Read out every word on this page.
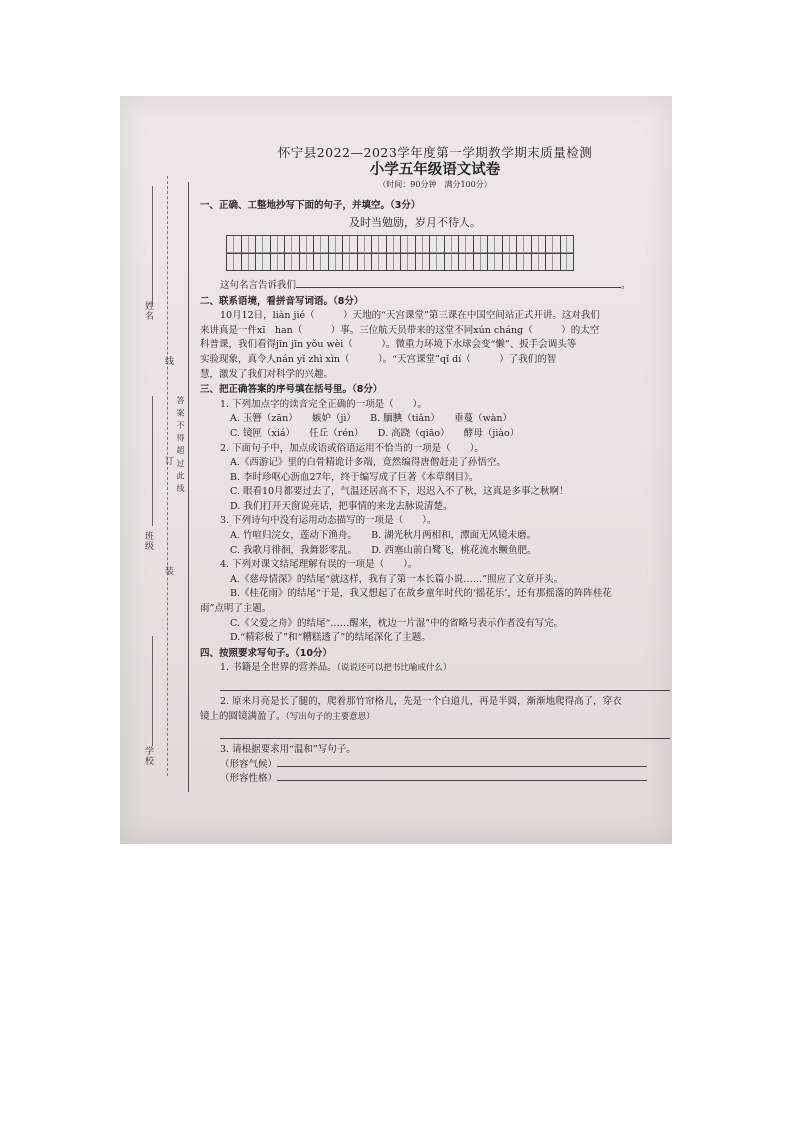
姓名
班级
学校
线
订
装
答 案 不 得 超 过 此 线

怀宁县2022—2023学年度第一学期教学期末质量检测

小学五年级语文试卷

（时间：90分钟　满分100分）

一、正确、工整地抄写下面的句子，并填空。（3分）

及时当勉励，岁月不待人。

这句名言告诉我们	。

二、联系语境，看拼音写词语。（8分）

10月12日，liàn jié（　　　）天地的“天宫课堂”第三课在中国空间站正式开讲。这对我们

来讲真是一件xī　han（　　　）事。三位航天员带来的这堂不同xún cháng（　　　）的太空

科普课，我们看得jīn jīn yǒu wèi（　　　）。微重力环境下水球会变“懒”、扳手会调头等

实验现象，真令人nán yǐ zhì xìn（　　　）。“天宫课堂”qǐ dí（　　　）了我们的智

慧，激发了我们对科学的兴趣。

三、把正确答案的序号填在括号里。（8分）

1. 下列加点字的读音完全正确的一项是（　　）。

A. 玉簪（zān）　　嫉妒（jì）　　B. 腼腆（tiǎn）　　垂蔓（wàn）

C. 镜匣（xiá）　　任丘（rén）　　D. 高跷（qiāo）　　酵母（jiào）

2. 下面句子中，加点成语或俗语运用不恰当的一项是（　　）。

A.《西游记》里的白骨精诡计多端，竟然编得唐僧赶走了孙悟空。

B. 李时珍呕心沥血27年，终于编写成了巨著《本草纲目》。

C. 眼看10月都要过去了，气温还居高不下，迟迟入不了秋，这真是多事之秋啊！

D. 我们打开天窗说亮话，把事情的来龙去脉说清楚。

3. 下列诗句中没有运用动态描写的一项是（　　）。

A. 竹喧归浣女，莲动下渔舟。　　B. 湖光秋月两相和，潭面无风镜未磨。

C. 我歌月徘徊，我舞影零乱。　　D. 西塞山前白鹭飞，桃花流水鳜鱼肥。

4. 下列对课文结尾理解有误的一项是（　　）。

A.《慈母情深》的结尾“就这样，我有了第一本长篇小说……”照应了文章开头。

B.《桂花雨》的结尾“于是，我又想起了在故乡童年时代的‘摇花乐’，还有那摇落的阵阵桂花

雨”点明了主题。

C.《父爱之舟》的结尾“……醒来，枕边一片湿”中的省略号表示作者没有写完。

D.“精彩极了”和“糟糕透了”的结尾深化了主题。

四、按照要求写句子。（10分）

1. 书籍是全世界的营养品。（说说还可以把书比喻成什么）

2. 原来月亮是长了腿的，爬着那竹帘格儿，先是一个白道儿，再是半圆，渐渐地爬得高了，穿衣

镜上的圆镜满盈了。（写出句子的主要意思）

3. 请根据要求用“温和”写句子。

（形容气候）

（形容性格）
